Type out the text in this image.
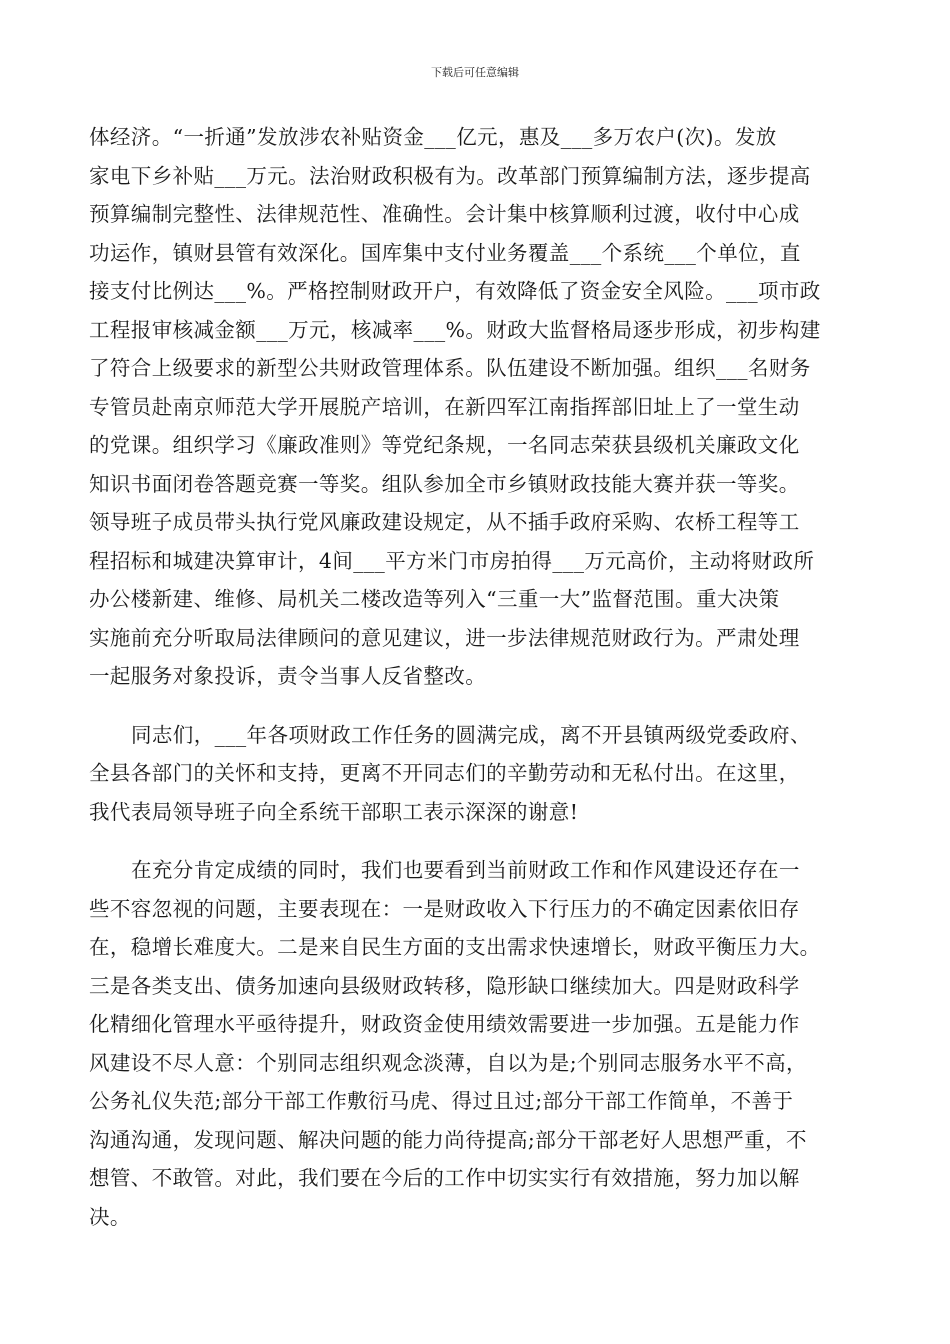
下载后可任意编辑

体经济。“一折通”发放涉农补贴资金___亿元，惠及___多万农户(次)。发放
家电下乡补贴___万元。法治财政积极有为。改革部门预算编制方法，逐步提高
预算编制完整性、法律规范性、准确性。会计集中核算顺利过渡，收付中心成
功运作，镇财县管有效深化。国库集中支付业务覆盖___个系统___个单位，直
接支付比例达___%。严格控制财政开户，有效降低了资金安全风险。___项市政
工程报审核减金额___万元，核减率___%。财政大监督格局逐步形成，初步构建
了符合上级要求的新型公共财政管理体系。队伍建设不断加强。组织___名财务
专管员赴南京师范大学开展脱产培训，在新四军江南指挥部旧址上了一堂生动
的党课。组织学习《廉政准则》等党纪条规，一名同志荣获县级机关廉政文化
知识书面闭卷答题竞赛一等奖。组队参加全市乡镇财政技能大赛并获一等奖。
领导班子成员带头执行党风廉政建设规定，从不插手政府采购、农桥工程等工
程招标和城建决算审计，4间___平方米门市房拍得___万元高价，主动将财政所
办公楼新建、维修、局机关二楼改造等列入“三重一大”监督范围。重大决策
实施前充分听取局法律顾问的意见建议，进一步法律规范财政行为。严肃处理
一起服务对象投诉，责令当事人反省整改。

同志们，___年各项财政工作任务的圆满完成，离不开县镇两级党委政府、
全县各部门的关怀和支持，更离不开同志们的辛勤劳动和无私付出。在这里，
我代表局领导班子向全系统干部职工表示深深的谢意!

在充分肯定成绩的同时，我们也要看到当前财政工作和作风建设还存在一
些不容忽视的问题，主要表现在：一是财政收入下行压力的不确定因素依旧存
在，稳增长难度大。二是来自民生方面的支出需求快速增长，财政平衡压力大。
三是各类支出、债务加速向县级财政转移，隐形缺口继续加大。四是财政科学
化精细化管理水平亟待提升，财政资金使用绩效需要进一步加强。五是能力作
风建设不尽人意：个别同志组织观念淡薄，自以为是;个别同志服务水平不高，
公务礼仪失范;部分干部工作敷衍马虎、得过且过;部分干部工作简单，不善于
沟通沟通，发现问题、解决问题的能力尚待提高;部分干部老好人思想严重，不
想管、不敢管。对此，我们要在今后的工作中切实实行有效措施，努力加以解
决。
